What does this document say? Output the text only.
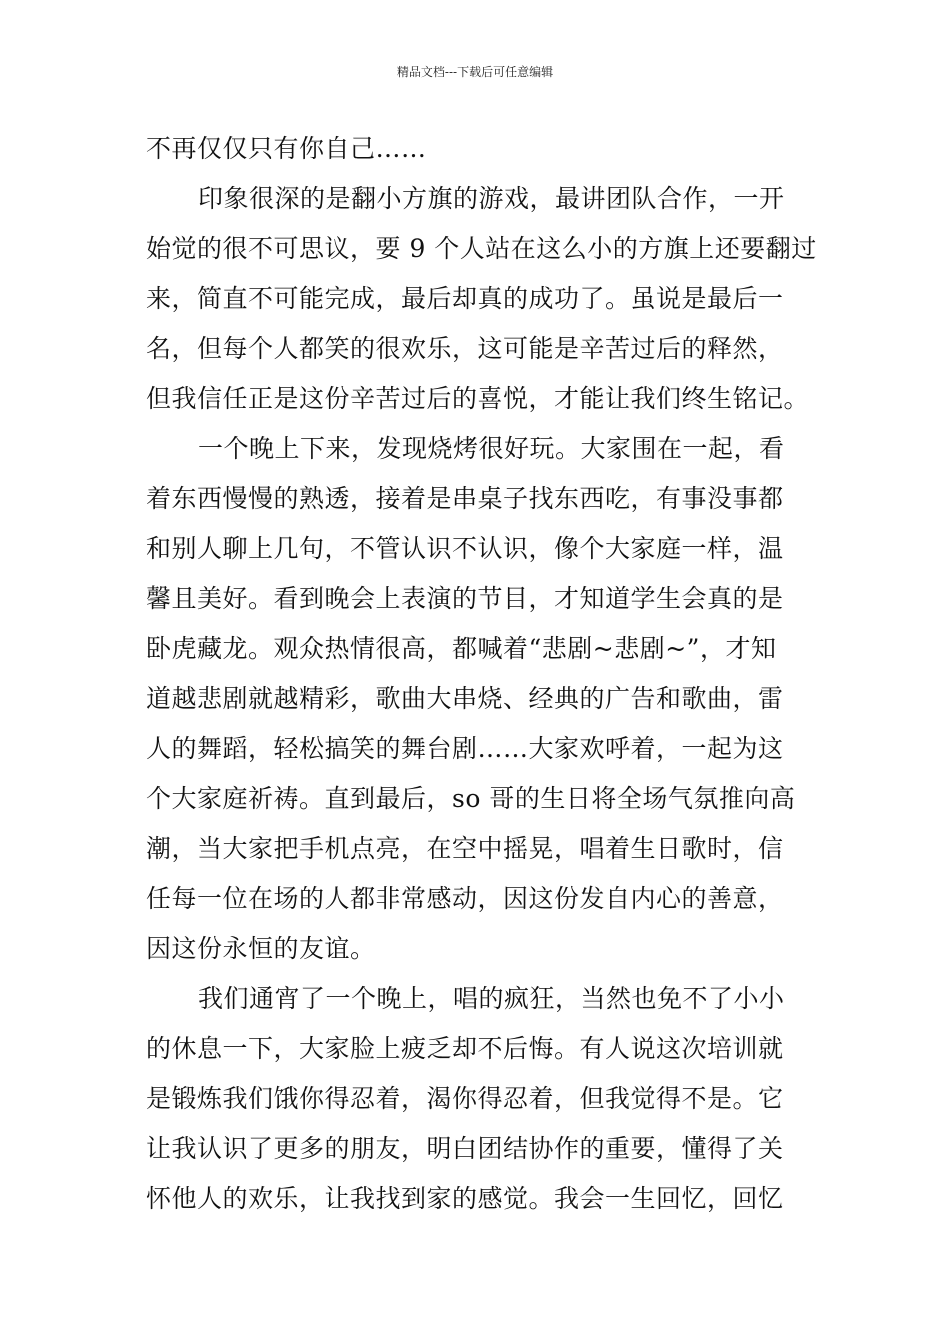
精品文档---下载后可任意编辑

不再仅仅只有你自己……

印象很深的是翻小方旗的游戏，最讲团队合作，一开
始觉的很不可思议，要 9 个人站在这么小的方旗上还要翻过
来，简直不可能完成，最后却真的成功了。虽说是最后一
名，但每个人都笑的很欢乐，这可能是辛苦过后的释然，
但我信任正是这份辛苦过后的喜悦，才能让我们终生铭记。

一个晚上下来，发现烧烤很好玩。大家围在一起，看
着东西慢慢的熟透，接着是串桌子找东西吃，有事没事都
和别人聊上几句，不管认识不认识，像个大家庭一样，温
馨且美好。看到晚会上表演的节目，才知道学生会真的是
卧虎藏龙。观众热情很高，都喊着“悲剧~悲剧~”，才知
道越悲剧就越精彩，歌曲大串烧、经典的广告和歌曲，雷
人的舞蹈，轻松搞笑的舞台剧……大家欢呼着，一起为这
个大家庭祈祷。直到最后，so 哥的生日将全场气氛推向高
潮，当大家把手机点亮，在空中摇晃，唱着生日歌时，信
任每一位在场的人都非常感动，因这份发自内心的善意，
因这份永恒的友谊。

我们通宵了一个晚上，唱的疯狂，当然也免不了小小
的休息一下，大家脸上疲乏却不后悔。有人说这次培训就
是锻炼我们饿你得忍着，渴你得忍着，但我觉得不是。它
让我认识了更多的朋友，明白团结协作的重要，懂得了关
怀他人的欢乐，让我找到家的感觉。我会一生回忆，回忆
